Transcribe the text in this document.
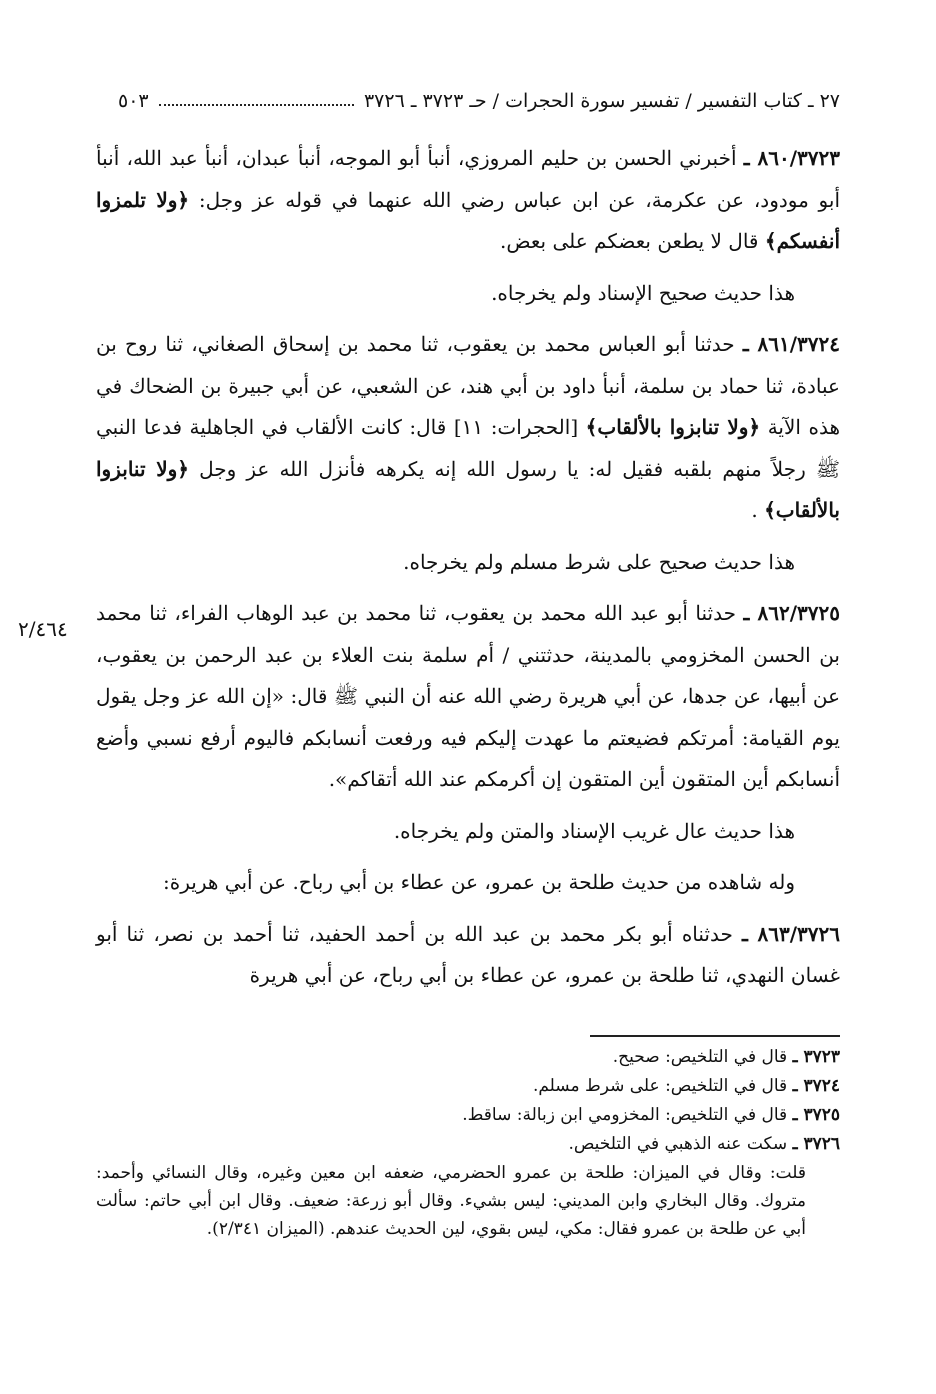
٢٧ ـ كتاب التفسير / تفسير سورة الحجرات / حـ ٣٧٢٣ ـ ٣٧٢٦
٥٠٣
٢/٤٦٤

٨٦٠/٣٧٢٣ ـ أخبرني الحسن بن حليم المروزي، أنبأ أبو الموجه، أنبأ عبدان، أنبأ عبد الله، أنبأ أبو مودود، عن عكرمة، عن ابن عباس رضي الله عنهما في قوله عز وجل: ﴿ولا تلمزوا أنفسكم﴾ قال لا يطعن بعضكم على بعض.

هذا حديث صحيح الإسناد ولم يخرجاه.

٨٦١/٣٧٢٤ ـ حدثنا أبو العباس محمد بن يعقوب، ثنا محمد بن إسحاق الصغاني، ثنا روح بن عبادة، ثنا حماد بن سلمة، أنبأ داود بن أبي هند، عن الشعبي، عن أبي جبيرة بن الضحاك في هذه الآية ﴿ولا تنابزوا بالألقاب﴾ [الحجرات: ١١] قال: كانت الألقاب في الجاهلية فدعا النبي ﷺ رجلاً منهم بلقبه فقيل له: يا رسول الله إنه يكرهه فأنزل الله عز وجل ﴿ولا تنابزوا بالألقاب﴾ .

هذا حديث صحيح على شرط مسلم ولم يخرجاه.

٨٦٢/٣٧٢٥ ـ حدثنا أبو عبد الله محمد بن يعقوب، ثنا محمد بن عبد الوهاب الفراء، ثنا محمد بن الحسن المخزومي بالمدينة، حدثتني / أم سلمة بنت العلاء بن عبد الرحمن بن يعقوب، عن أبيها، عن جدها، عن أبي هريرة رضي الله عنه أن النبي ﷺ قال: «إن الله عز وجل يقول يوم القيامة: أمرتكم فضيعتم ما عهدت إليكم فيه ورفعت أنسابكم فاليوم أرفع نسبي وأضع أنسابكم أين المتقون أين المتقون إن أكرمكم عند الله أتقاكم».

هذا حديث عال غريب الإسناد والمتن ولم يخرجاه.

وله شاهده من حديث طلحة بن عمرو، عن عطاء بن أبي رباح. عن أبي هريرة:

٨٦٣/٣٧٢٦ ـ حدثناه أبو بكر محمد بن عبد الله بن أحمد الحفيد، ثنا أحمد بن نصر، ثنا أبو غسان النهدي، ثنا طلحة بن عمرو، عن عطاء بن أبي رباح، عن أبي هريرة

٣٧٢٣ ـ قال في التلخيص: صحيح.

٣٧٢٤ ـ قال في التلخيص: على شرط مسلم.

٣٧٢٥ ـ قال في التلخيص: المخزومي ابن زبالة: ساقط.

٣٧٢٦ ـ سكت عنه الذهبي في التلخيص.

قلت: وقال في الميزان: طلحة بن عمرو الحضرمي، ضعفه ابن معين وغيره، وقال النسائي وأحمد: متروك. وقال البخاري وابن المديني: ليس بشيء. وقال أبو زرعة: ضعيف. وقال ابن أبي حاتم: سألت أبي عن طلحة بن عمرو فقال: مكي، ليس بقوي، لين الحديث عندهم. (الميزان ٢/٣٤١).
